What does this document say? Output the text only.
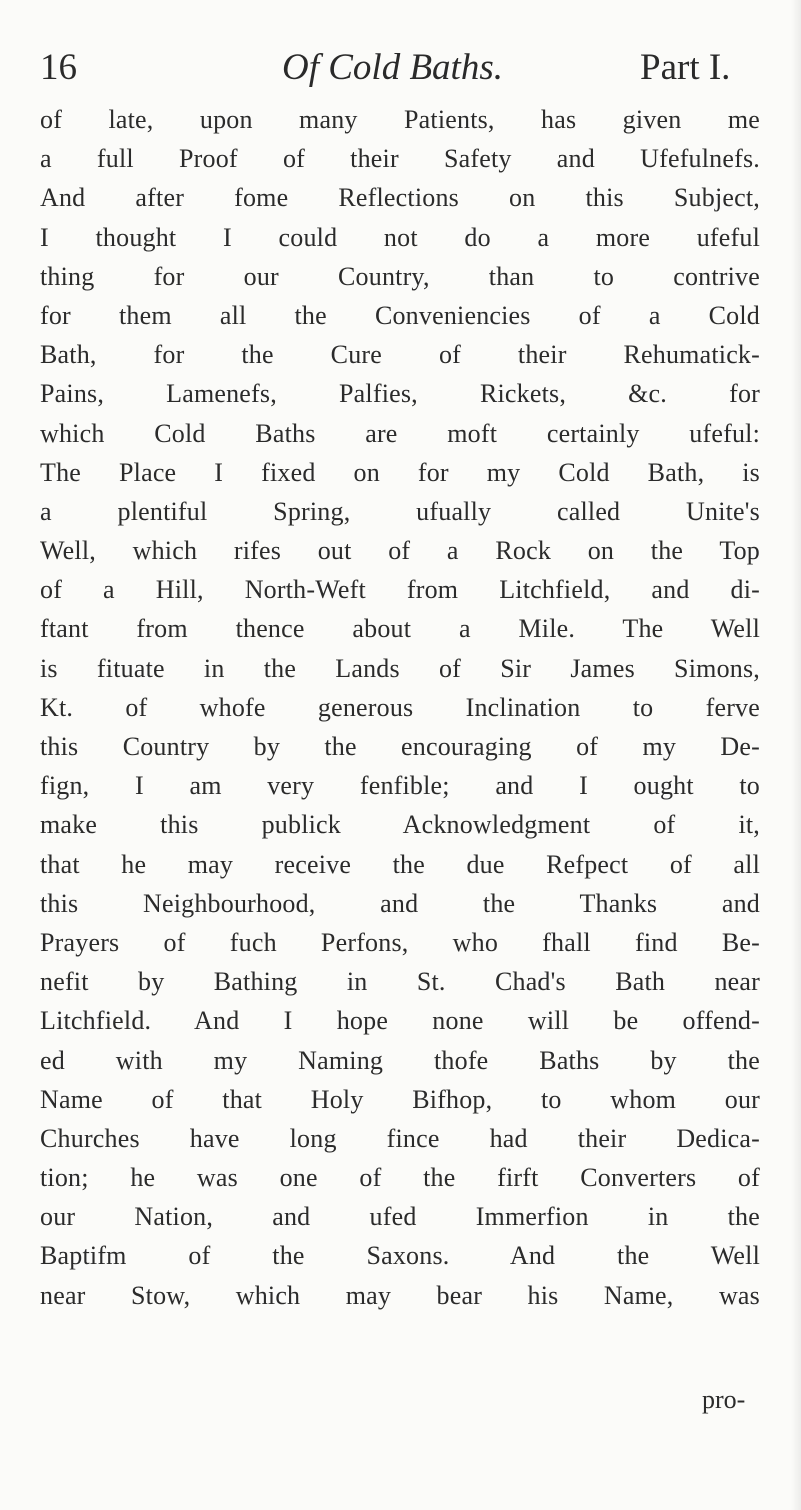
16	Of Cold Baths.	Part I.
of late, upon many Patients, has given me
a full Proof of their Safety and Ufefulnefs.
And after fome Reflections on this Subject,
I thought I could not do a more ufeful
thing for our Country, than to contrive
for them all the Conveniencies of a Cold
Bath, for the Cure of their Rehumatick-
Pains, Lamenefs, Palfies, Rickets, &c. for
which Cold Baths are moft certainly ufeful:
The Place I fixed on for my Cold Bath, is
a plentiful Spring, ufually called Unite's
Well, which rifes out of a Rock on the Top
of a Hill, North-Weft from Litchfield, and di-
ftant from thence about a Mile. The Well
is fituate in the Lands of Sir James Simons,
Kt. of whofe generous Inclination to ferve
this Country by the encouraging of my De-
fign, I am very fenfible; and I ought to
make this publick Acknowledgment of it,
that he may receive the due Refpect of all
this Neighbourhood, and the Thanks and
Prayers of fuch Perfons, who fhall find Be-
nefit by Bathing in St. Chad's Bath near
Litchfield. And I hope none will be offend-
ed with my Naming thofe Baths by the
Name of that Holy Bifhop, to whom our
Churches have long fince had their Dedica-
tion; he was one of the firft Converters of
our Nation, and ufed Immerfion in the
Baptifm of the Saxons. And the Well
near Stow, which may bear his Name, was
pro-
